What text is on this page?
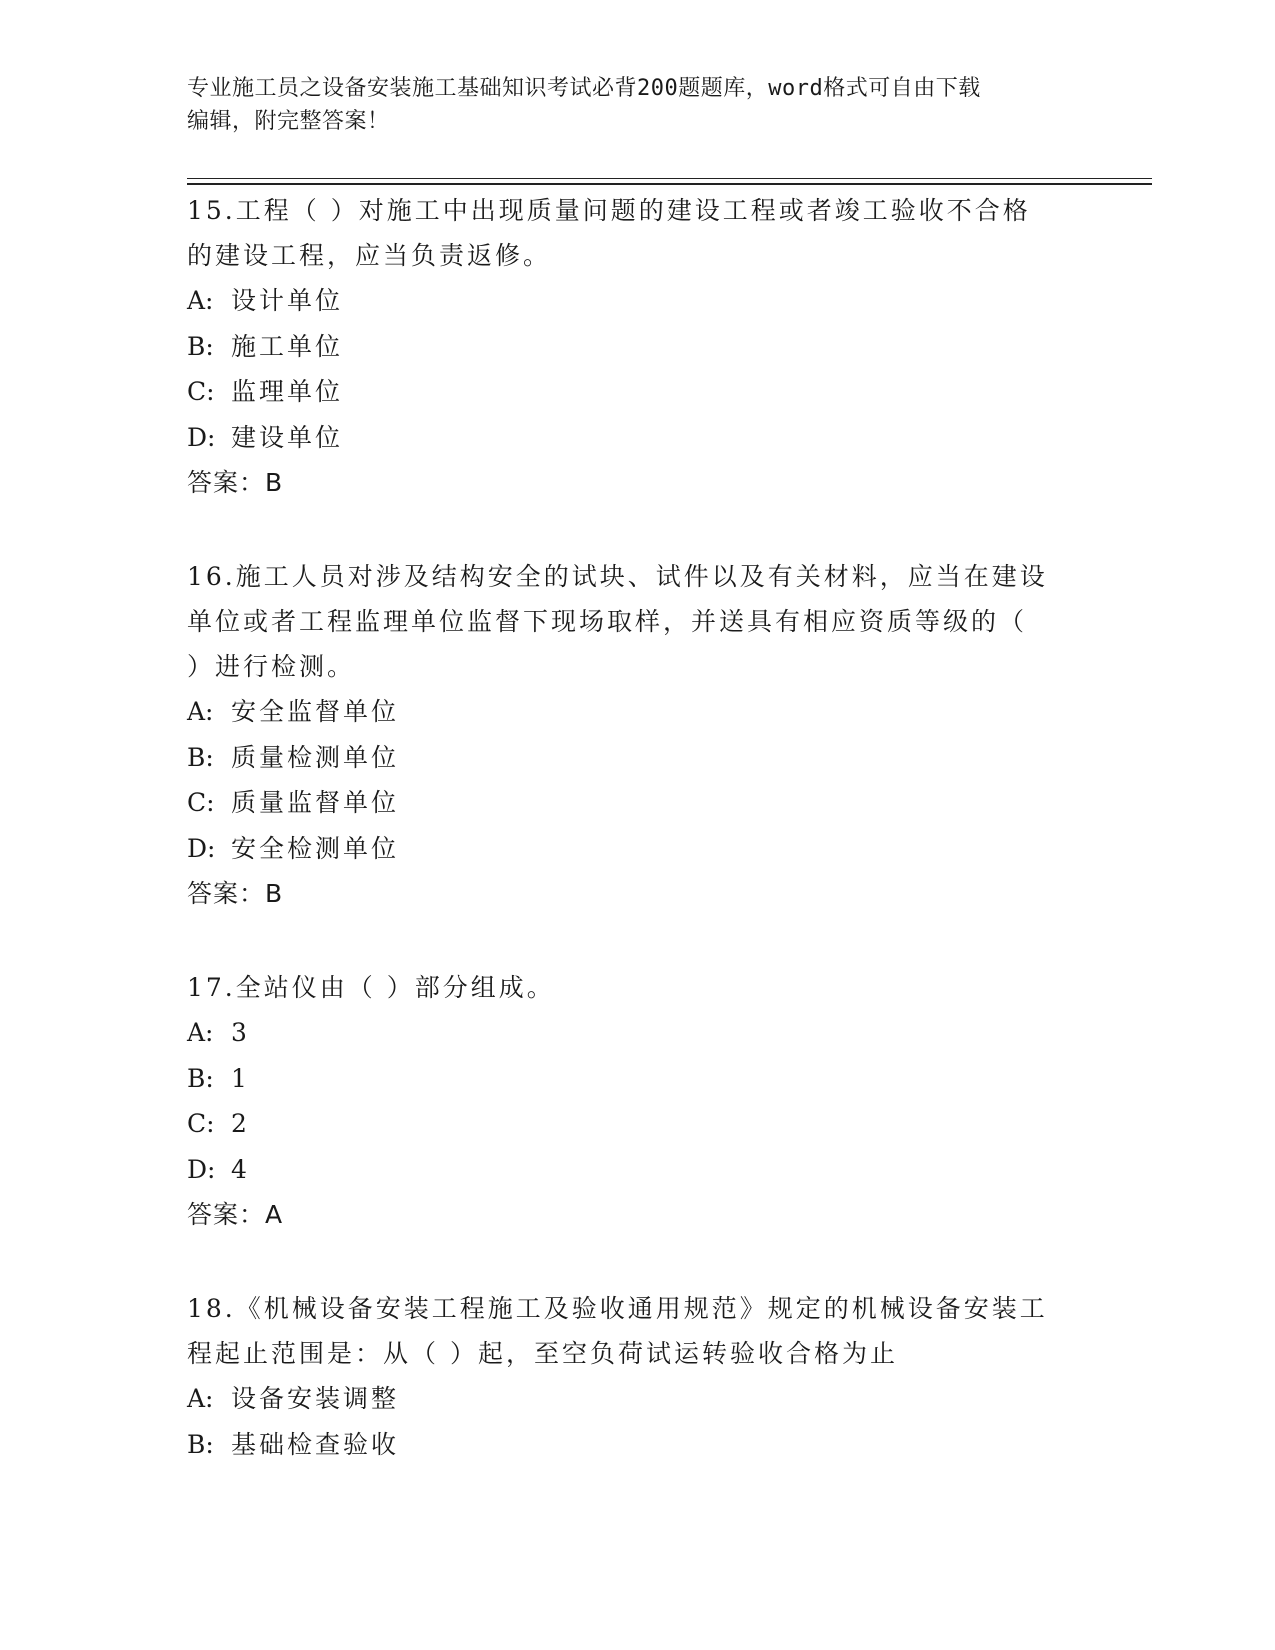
专业施工员之设备安装施工基础知识考试必背200题题库，word格式可自由下载
编辑，附完整答案！
15.工程（ ）对施工中出现质量问题的建设工程或者竣工验收不合格
的建设工程，应当负责返修。
A: 设计单位
B: 施工单位
C: 监理单位
D: 建设单位
答案：B
16.施工人员对涉及结构安全的试块、试件以及有关材料，应当在建设
单位或者工程监理单位监督下现场取样，并送具有相应资质等级的（
）进行检测。
A: 安全监督单位
B: 质量检测单位
C: 质量监督单位
D: 安全检测单位
答案：B
17.全站仪由（ ）部分组成。
A: 3
B: 1
C: 2
D: 4
答案：A
18.《机械设备安装工程施工及验收通用规范》规定的机械设备安装工
程起止范围是：从（ ）起，至空负荷试运转验收合格为止
A: 设备安装调整
B: 基础检查验收
